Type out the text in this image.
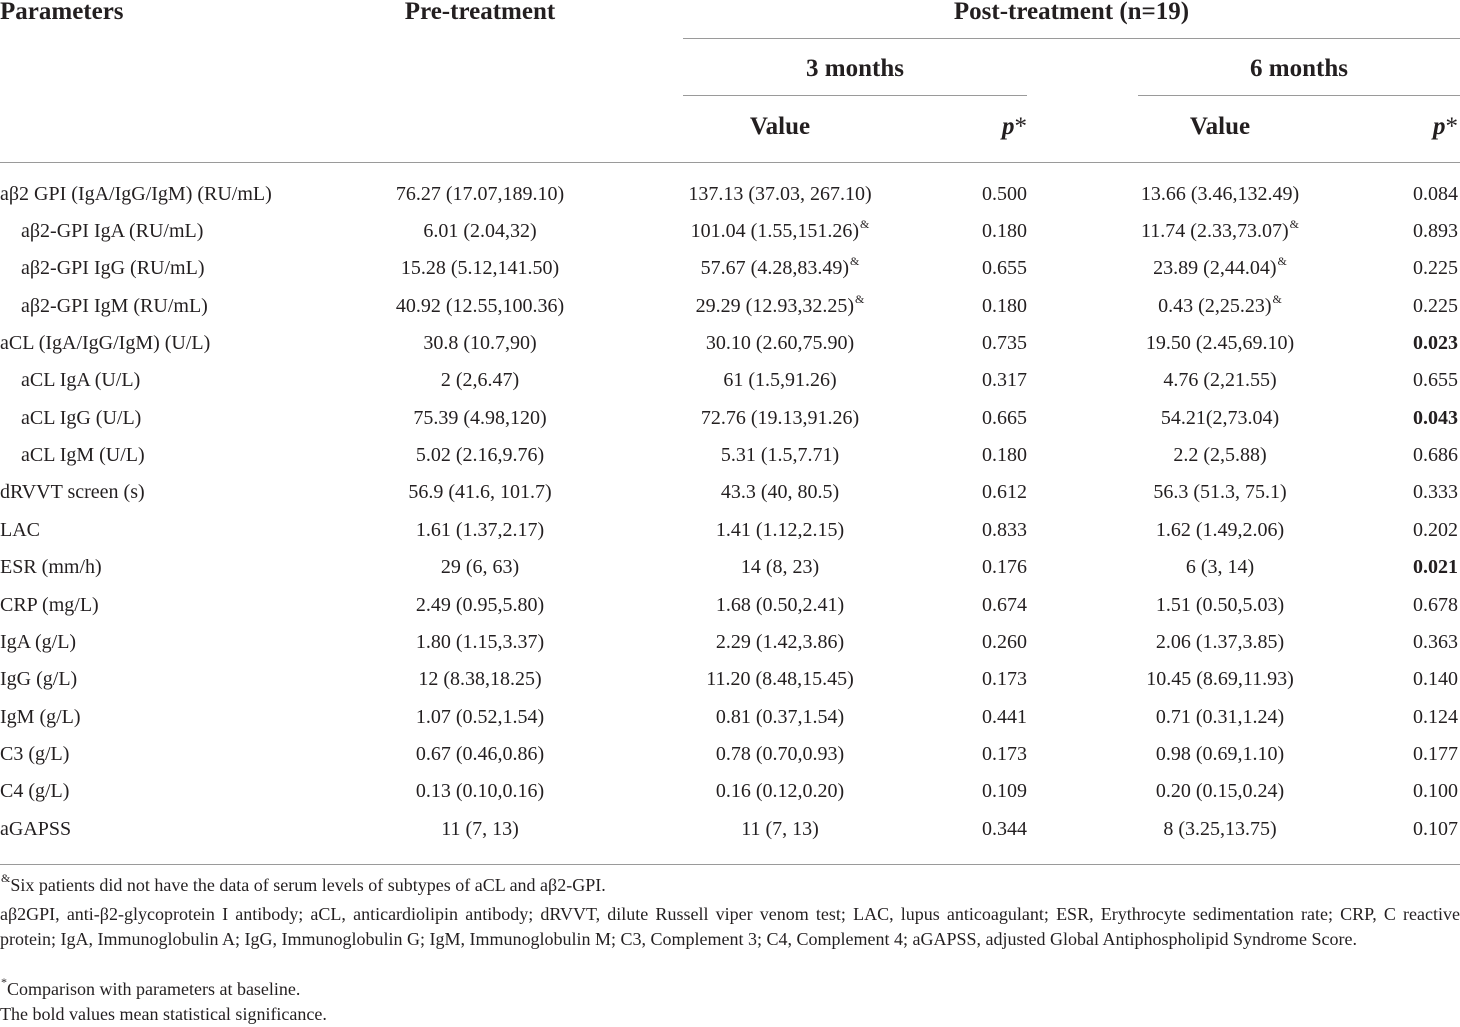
Parameters	Pre-treatment	Post-treatment (n=19)
3 months	6 months
Value	p*	Value	p*
aβ2 GPI (IgA/IgG/IgM) (RU/mL)	76.27 (17.07,189.10)	137.13 (37.03, 267.10)	0.500	13.66 (3.46,132.49)	0.084
aβ2-GPI IgA (RU/mL)	6.01 (2.04,32)	101.04 (1.55,151.26)&	0.180	11.74 (2.33,73.07)&	0.893
aβ2-GPI IgG (RU/mL)	15.28 (5.12,141.50)	57.67 (4.28,83.49)&	0.655	23.89 (2,44.04)&	0.225
aβ2-GPI IgM (RU/mL)	40.92 (12.55,100.36)	29.29 (12.93,32.25)&	0.180	0.43 (2,25.23)&	0.225
aCL (IgA/IgG/IgM) (U/L)	30.8 (10.7,90)	30.10 (2.60,75.90)	0.735	19.50 (2.45,69.10)	0.023
aCL IgA (U/L)	2 (2,6.47)	61 (1.5,91.26)	0.317	4.76 (2,21.55)	0.655
aCL IgG (U/L)	75.39 (4.98,120)	72.76 (19.13,91.26)	0.665	54.21(2,73.04)	0.043
aCL IgM (U/L)	5.02 (2.16,9.76)	5.31 (1.5,7.71)	0.180	2.2 (2,5.88)	0.686
dRVVT screen (s)	56.9 (41.6, 101.7)	43.3 (40, 80.5)	0.612	56.3 (51.3, 75.1)	0.333
LAC	1.61 (1.37,2.17)	1.41 (1.12,2.15)	0.833	1.62 (1.49,2.06)	0.202
ESR (mm/h)	29 (6, 63)	14 (8, 23)	0.176	6 (3, 14)	0.021
CRP (mg/L)	2.49 (0.95,5.80)	1.68 (0.50,2.41)	0.674	1.51 (0.50,5.03)	0.678
IgA (g/L)	1.80 (1.15,3.37)	2.29 (1.42,3.86)	0.260	2.06 (1.37,3.85)	0.363
IgG (g/L)	12 (8.38,18.25)	11.20 (8.48,15.45)	0.173	10.45 (8.69,11.93)	0.140
IgM (g/L)	1.07 (0.52,1.54)	0.81 (0.37,1.54)	0.441	0.71 (0.31,1.24)	0.124
C3 (g/L)	0.67 (0.46,0.86)	0.78 (0.70,0.93)	0.173	0.98 (0.69,1.10)	0.177
C4 (g/L)	0.13 (0.10,0.16)	0.16 (0.12,0.20)	0.109	0.20 (0.15,0.24)	0.100
aGAPSS	11 (7, 13)	11 (7, 13)	0.344	8 (3.25,13.75)	0.107
&Six patients did not have the data of serum levels of subtypes of aCL and aβ2-GPI.
aβ2GPI, anti-β2-glycoprotein I antibody; aCL, anticardiolipin antibody; dRVVT, dilute Russell viper venom test; LAC, lupus anticoagulant; ESR, Erythrocyte sedimentation rate; CRP, C reactive protein; IgA, Immunoglobulin A; IgG, Immunoglobulin G; IgM, Immunoglobulin M; C3, Complement 3; C4, Complement 4; aGAPSS, adjusted Global Antiphospholipid Syndrome Score.
*Comparison with parameters at baseline.
The bold values mean statistical significance.
